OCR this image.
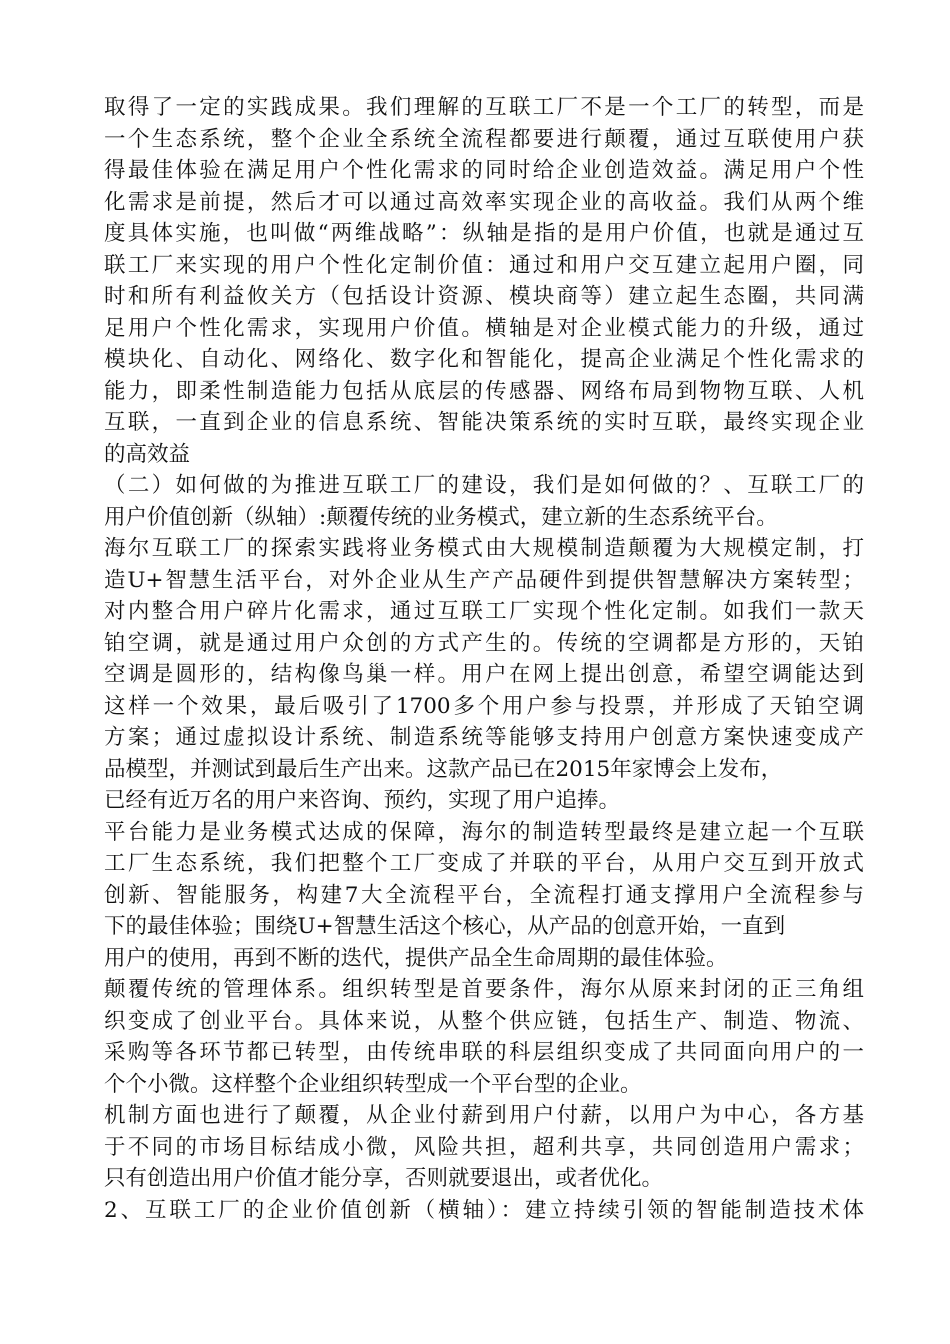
取得了一定的实践成果。我们理解的互联工厂不是一个工厂的转型，而是
一个生态系统，整个企业全系统全流程都要进行颠覆，通过互联使用户获
得最佳体验在满足用户个性化需求的同时给企业创造效益。满足用户个性
化需求是前提，然后才可以通过高效率实现企业的高收益。我们从两个维
度具体实施，也叫做“两维战略”：纵轴是指的是用户价值，也就是通过互
联工厂来实现的用户个性化定制价值：通过和用户交互建立起用户圈，同
时和所有利益攸关方（包括设计资源、模块商等）建立起生态圈，共同满
足用户个性化需求，实现用户价值。横轴是对企业模式能力的升级，通过
模块化、自动化、网络化、数字化和智能化，提高企业满足个性化需求的
能力，即柔性制造能力包括从底层的传感器、网络布局到物物互联、人机
互联，一直到企业的信息系统、智能决策系统的实时互联，最终实现企业
的高效益
（二）如何做的为推进互联工厂的建设，我们是如何做的？、互联工厂的
用户价值创新（纵轴）:颠覆传统的业务模式，建立新的生态系统平台。
海尔互联工厂的探索实践将业务模式由大规模制造颠覆为大规模定制，打
造U+智慧生活平台，对外企业从生产产品硬件到提供智慧解决方案转型；
对内整合用户碎片化需求，通过互联工厂实现个性化定制。如我们一款天
铂空调，就是通过用户众创的方式产生的。传统的空调都是方形的，天铂
空调是圆形的，结构像鸟巢一样。用户在网上提出创意，希望空调能达到
这样一个效果，最后吸引了1700多个用户参与投票，并形成了天铂空调
方案；通过虚拟设计系统、制造系统等能够支持用户创意方案快速变成产
品模型，并测试到最后生产出来。这款产品已在2015年家博会上发布，
已经有近万名的用户来咨询、预约，实现了用户追捧。
平台能力是业务模式达成的保障，海尔的制造转型最终是建立起一个互联
工厂生态系统，我们把整个工厂变成了并联的平台，从用户交互到开放式
创新、智能服务，构建7大全流程平台，全流程打通支撑用户全流程参与
下的最佳体验；围绕U+智慧生活这个核心，从产品的创意开始，一直到
用户的使用，再到不断的迭代，提供产品全生命周期的最佳体验。
颠覆传统的管理体系。组织转型是首要条件，海尔从原来封闭的正三角组
织变成了创业平台。具体来说，从整个供应链，包括生产、制造、物流、
采购等各环节都已转型，由传统串联的科层组织变成了共同面向用户的一
个个小微。这样整个企业组织转型成一个平台型的企业。
机制方面也进行了颠覆，从企业付薪到用户付薪，以用户为中心，各方基
于不同的市场目标结成小微，风险共担，超利共享，共同创造用户需求；
只有创造出用户价值才能分享，否则就要退出，或者优化。
2、互联工厂的企业价值创新（横轴）：建立持续引领的智能制造技术体
